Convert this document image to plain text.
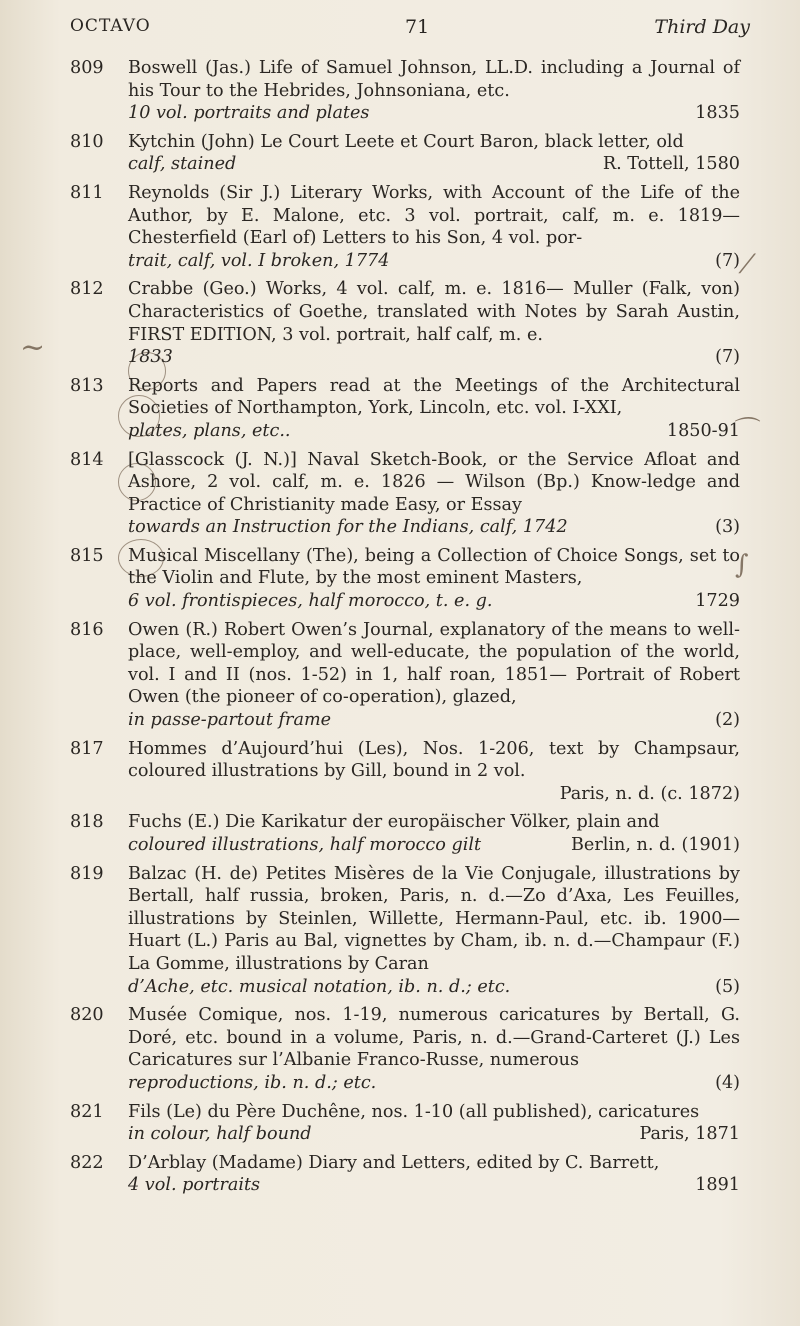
OCTAVO	71	Third Day
~
⁄
⌒
∫
809	Boswell (Jas.) Life of Samuel Johnson, LL.D. including a Journal of his Tour to the Hebrides, Johnsoniana, etc.
10 vol. portraits and plates	1835
810	Kytchin (John) Le Court Leete et Court Baron, black letter, old
calf, stained	R. Tottell, 1580
811	Reynolds (Sir J.) Literary Works, with Account of the Life of the Author, by E. Malone, etc. 3 vol. portrait, calf, m. e. 1819—Chesterfield (Earl of) Letters to his Son, 4 vol. por-
trait, calf, vol. I broken, 1774	(7)
812	Crabbe (Geo.) Works, 4 vol. calf, m. e. 1816— Muller (Falk, von) Characteristics of Goethe, translated with Notes by Sarah Austin, FIRST EDITION, 3 vol. portrait, half calf, m. e.
1833	(7)
813	Reports and Papers read at the Meetings of the Architectural Societies of Northampton, York, Lincoln, etc. vol. I-XXI,
plates, plans, etc..	1850-91
814	[Glasscock (J. N.)] Naval Sketch-Book, or the Service Afloat and Ashore, 2 vol. calf, m. e. 1826 — Wilson (Bp.) Know-ledge and Practice of Christianity made Easy, or Essay
towards an Instruction for the Indians, calf, 1742	(3)
815	Musical Miscellany (The), being a Collection of Choice Songs, set to the Violin and Flute, by the most eminent Masters,
6 vol. frontispieces, half morocco, t. e. g.	1729
816	Owen (R.) Robert Owen’s Journal, explanatory of the means to well-place, well-employ, and well-educate, the population of the world, vol. I and II (nos. 1-52) in 1, half roan, 1851— Portrait of Robert Owen (the pioneer of co-operation), glazed,
in passe-partout frame	(2)
817	Hommes d’Aujourd’hui (Les), Nos. 1-206, text by Champsaur, coloured illustrations by Gill, bound in 2 vol.
Paris, n. d. (c. 1872)
818	Fuchs (E.) Die Karikatur der europäischer Völker, plain and
coloured illustrations, half morocco gilt	Berlin, n. d. (1901)
819	Balzac (H. de) Petites Misères de la Vie Conjugale, illustrations by Bertall, half russia, broken, Paris, n. d.—Zo d’Axa, Les Feuilles, illustrations by Steinlen, Willette, Hermann-Paul, etc. ib. 1900—Huart (L.) Paris au Bal, vignettes by Cham, ib. n. d.—Champaur (F.) La Gomme, illustrations by Caran
d’Ache, etc. musical notation, ib. n. d.; etc.	(5)
820	Musée Comique, nos. 1-19, numerous caricatures by Bertall, G. Doré, etc. bound in a volume, Paris, n. d.—Grand-Carteret (J.) Les Caricatures sur l’Albanie Franco-Russe, numerous
reproductions, ib. n. d.; etc.	(4)
821	Fils (Le) du Père Duchêne, nos. 1-10 (all published), caricatures
in colour, half bound	Paris, 1871
822	D’Arblay (Madame) Diary and Letters, edited by C. Barrett,
4 vol. portraits	1891
